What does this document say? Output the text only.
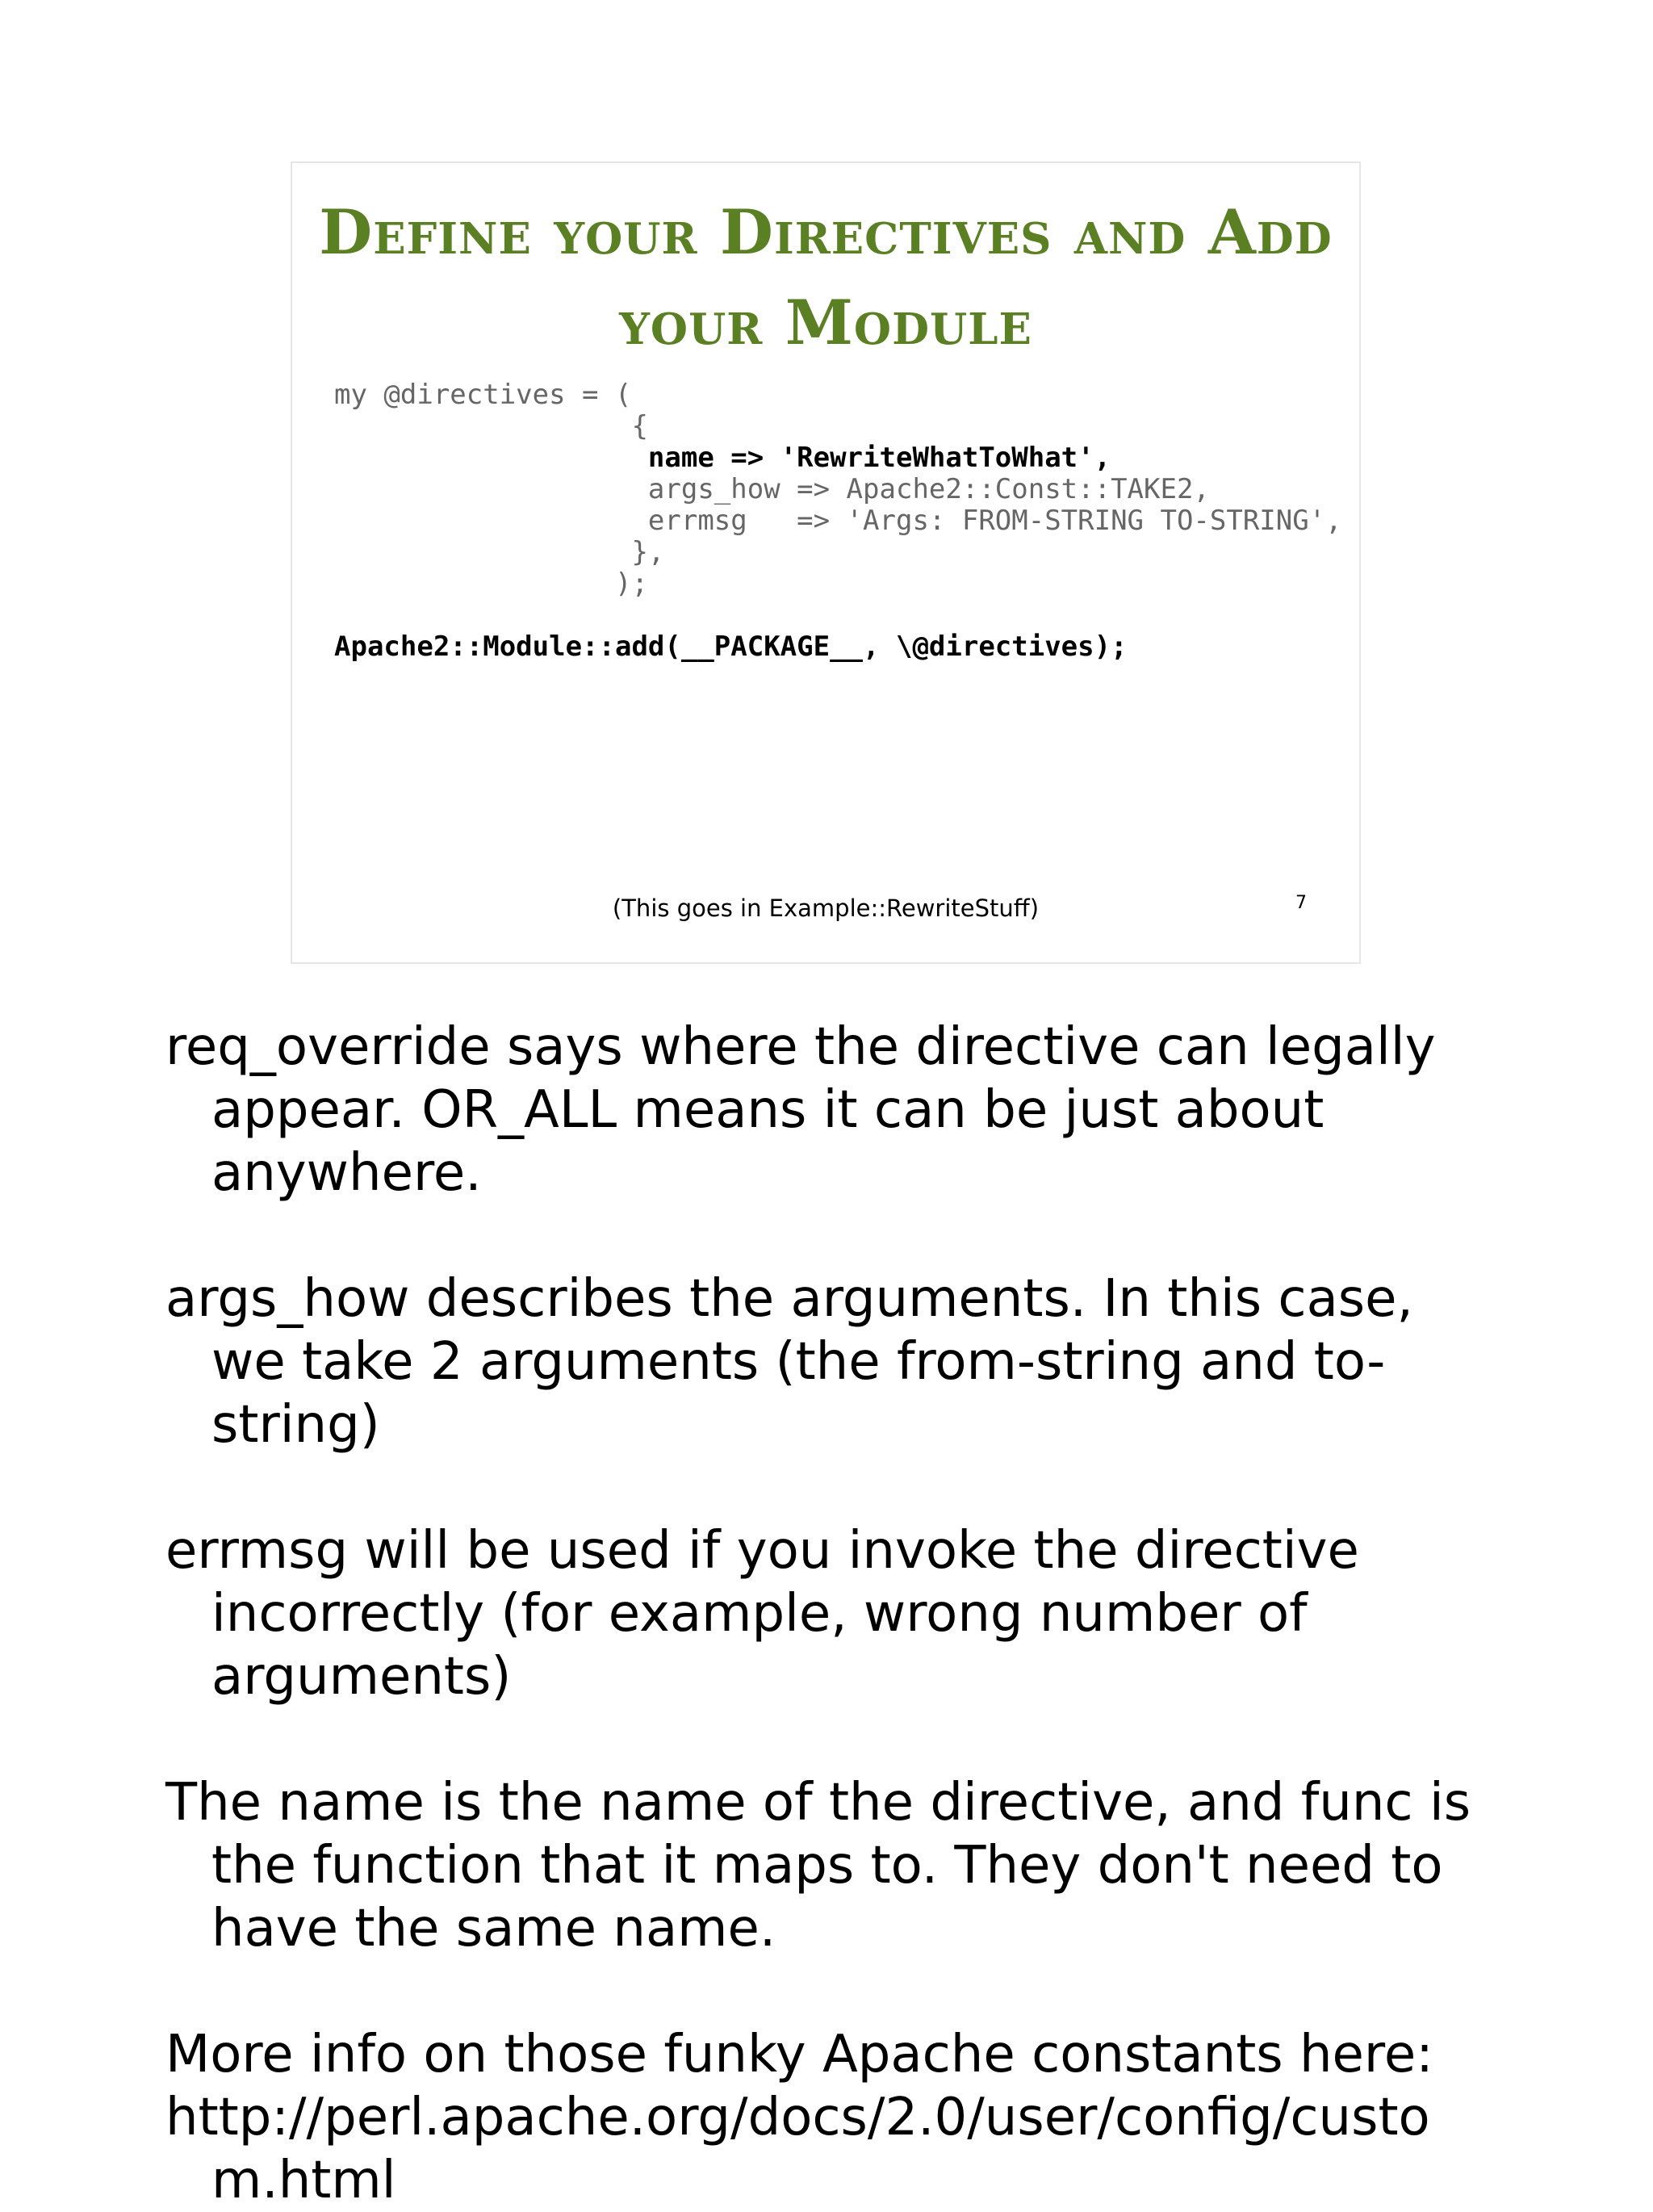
Define your Directives and Add
your Module
my @directives = (
{
name => 'RewriteWhatToWhat',
args_how => Apache2::Const::TAKE2,
errmsg   => 'Args: FROM-STRING TO-STRING',
},
);
Apache2::Module::add(__PACKAGE__, \@directives);
(This goes in Example::RewriteStuff)	7

req_override says where the directive can legally appear. OR_ALL means it can be just about anywhere.

args_how describes the arguments. In this case, we take 2 arguments (the from-string and to-string)

errmsg will be used if you invoke the directive incorrectly (for example, wrong number of arguments)

The name is the name of the directive, and func is the function that it maps to. They don't need to have the same name.

More info on those funky Apache constants here:

http://perl.apache.org/docs/2.0/user/config/custom.html
